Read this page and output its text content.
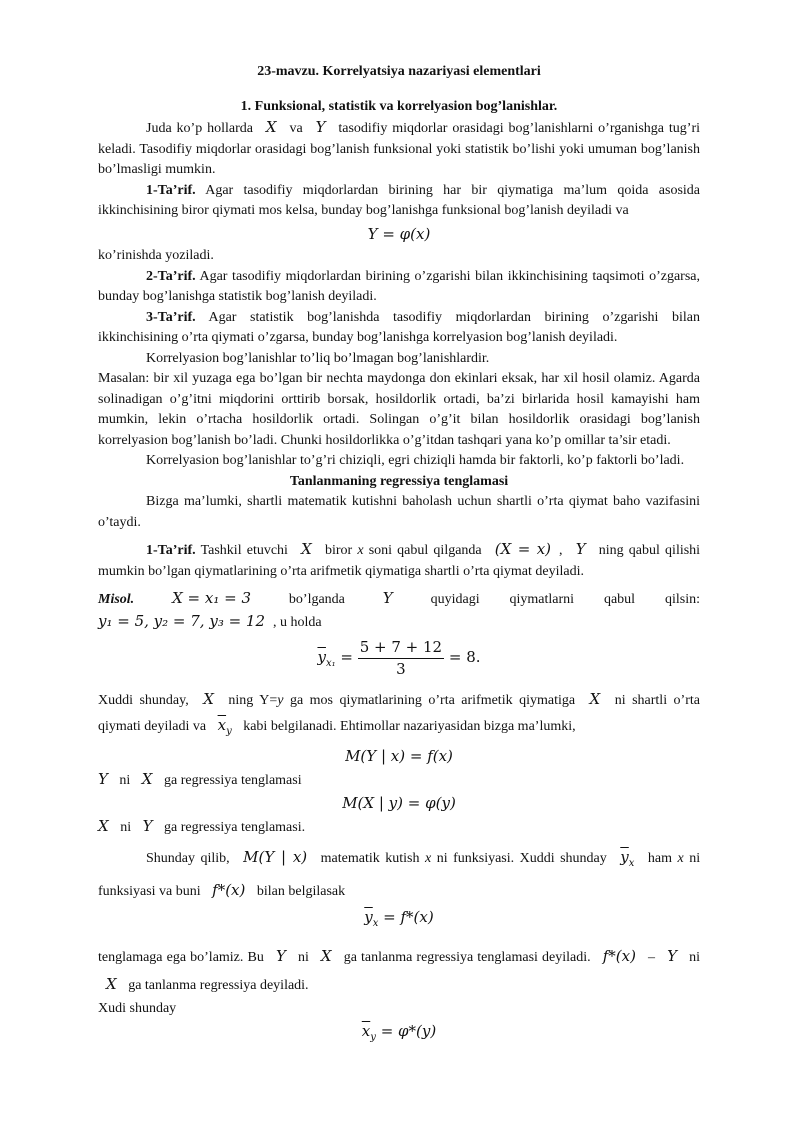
23-mavzu. Korrelyatsiya nazariyasi elementlari
1. Funksional, statistik va korrelyasion bog’lanishlar.

Juda ko’p hollarda X va Y tasodifiy miqdorlar orasidagi bog’lanishlarni o’rganishga tug’ri keladi. Tasodifiy miqdorlar orasidagi bog’lanish funksional yoki statistik bo’lishi yoki umuman bog’lanish bo’lmasligi mumkin.

1-Ta’rif. Agar tasodifiy miqdorlardan birining har bir qiymatiga ma’lum qoida asosida ikkinchisining biror qiymati mos kelsa, bunday bog’lanishga funksional bog’lanish deyiladi va

Y = φ(x)

ko’rinishda yoziladi.

2-Ta’rif. Agar tasodifiy miqdorlardan birining o’zgarishi bilan ikkinchisining taqsimoti o’zgarsa, bunday bog’lanishga statistik bog’lanish deyiladi.

3-Ta’rif. Agar statistik bog’lanishda tasodifiy miqdorlardan birining o’zgarishi bilan ikkinchisining o’rta qiymati o’zgarsa, bunday bog’lanishga korrelyasion bog’lanish deyiladi.

Korrelyasion bog’lanishlar to’liq bo’lmagan bog’lanishlardir.

Masalan: bir xil yuzaga ega bo’lgan bir nechta maydonga don ekinlari eksak, har xil hosil olamiz. Agarda solinadigan o’g’itni miqdorini orttirib borsak, hosildorlik ortadi, ba’zi birlarida hosil kamayishi ham mumkin, lekin o’rtacha hosildorlik ortadi. Solingan o’g’it bilan hosildorlik orasidagi bog’lanish korrelyasion bog’lanish bo’ladi. Chunki hosildorlikka o’g’itdan tashqari yana ko’p omillar ta’sir etadi.

Korrelyasion bog’lanishlar to’g’ri chiziqli, egri chiziqli hamda bir faktorli, ko’p faktorli bo’ladi.

Tanlanmaning regressiya tenglamasi

Bizga ma’lumki, shartli matematik kutishni baholash uchun shartli o’rta qiymat baho vazifasini o’taydi.

1-Ta’rif. Tashkil etuvchi X biror x soni qabul qilganda (X = x) , Y ning qabul qilishi mumkin bo’lgan qiymatlarining o’rta arifmetik qiymatiga shartli o’rta qiymat deyiladi.

Misol.	X = x₁ = 3	bo’lganda	Y	quyidagi qiymatlarni qabul qilsin:

y₁ = 5, y₂ = 7, y₃ = 12 , u holda

$\overline{y}_{x_1} = \frac{5 + 7 + 12}{3} = 8$.

Xuddi shunday, X ning Y=y ga mos qiymatlarining o’rta arifmetik qiymatiga X ni shartli o’rta qiymati deyiladi va $\overline{x}_y$ kabi belgilanadi. Ehtimollar nazariyasidan bizga ma’lumki,

M(Y | x) = f(x)

Y ni X ga regressiya tenglamasi

M(X | y) = φ(y)

X ni Y ga regressiya tenglamasi.

Shunday qilib, M(Y | x) matematik kutish x ni funksiyasi. Xuddi shunday $\overline{y}_x$ ham x ni funksiyasi va buni f*(x) bilan belgilasak

$\overline{y}_x = f*(x)$

tenglamaga ega bo’lamiz. Bu Y ni X ga tanlanma regressiya tenglamasi deyiladi. f*(x) – Y ni X ga tanlanma regressiya deyiladi.

Xudi shunday

$\overline{x}_y = \varphi*(y)$
